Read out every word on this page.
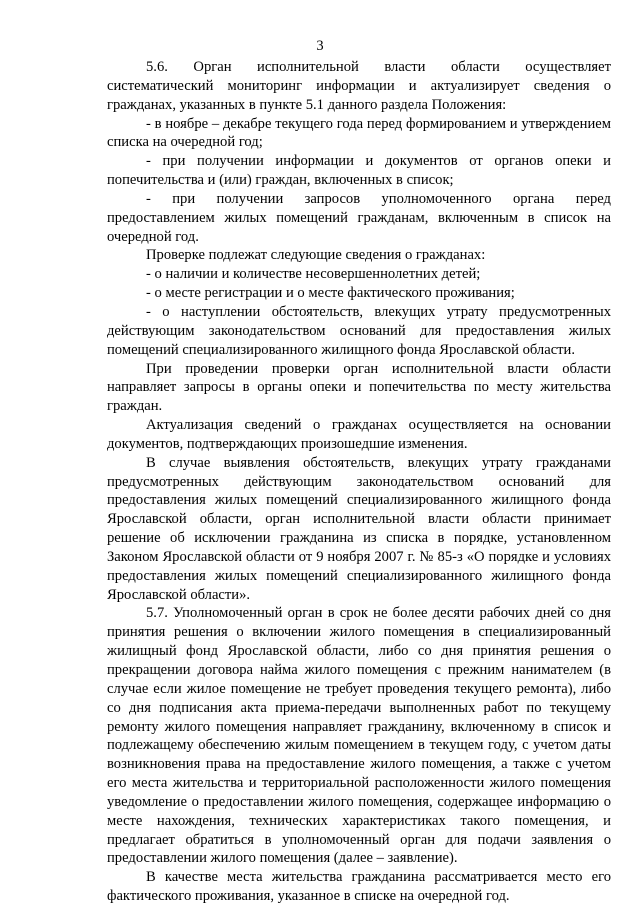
3

5.6. Орган исполнительной власти области осуществляет систематический мониторинг информации и актуализирует сведения о гражданах, указанных в пункте 5.1 данного раздела Положения:

- в ноябре – декабре текущего года перед формированием и утверждением списка на очередной год;

- при получении информации и документов от органов опеки и попечительства и (или) граждан, включенных в список;

- при получении запросов уполномоченного органа перед предоставлением жилых помещений гражданам, включенным в список на очередной год.

Проверке подлежат следующие сведения о гражданах:

- о наличии и количестве несовершеннолетних детей;

- о месте регистрации и о месте фактического проживания;

- о наступлении обстоятельств, влекущих утрату предусмотренных действующим законодательством оснований для предоставления жилых помещений специализированного жилищного фонда Ярославской области.

При проведении проверки орган исполнительной власти области направляет запросы в органы опеки и попечительства по месту жительства граждан.

Актуализация сведений о гражданах осуществляется на основании документов, подтверждающих произошедшие изменения.

В случае выявления обстоятельств, влекущих утрату гражданами предусмотренных действующим законодательством оснований для предоставления жилых помещений специализированного жилищного фонда Ярославской области, орган исполнительной власти области принимает решение об исключении гражданина из списка в порядке, установленном Законом Ярославской области от 9 ноября 2007 г. № 85-з «О порядке и условиях предоставления жилых помещений специализированного жилищного фонда Ярославской области».

5.7. Уполномоченный орган в срок не более десяти рабочих дней со дня принятия решения о включении жилого помещения в специализированный жилищный фонд Ярославской области, либо со дня принятия решения о прекращении договора найма жилого помещения с прежним нанимателем (в случае если жилое помещение не требует проведения текущего ремонта), либо со дня подписания акта приема-передачи выполненных работ по текущему ремонту жилого помещения направляет гражданину, включенному в список и подлежащему обеспечению жилым помещением в текущем году, с учетом даты возникновения права на предоставление жилого помещения, а также с учетом его места жительства и территориальной расположенности жилого помещения уведомление о предоставлении жилого помещения, содержащее информацию о месте нахождения, технических характеристиках такого помещения, и предлагает обратиться в уполномоченный орган для подачи заявления о предоставлении жилого помещения (далее – заявление).

В качестве места жительства гражданина рассматривается место его фактического проживания, указанное в списке на очередной год.
